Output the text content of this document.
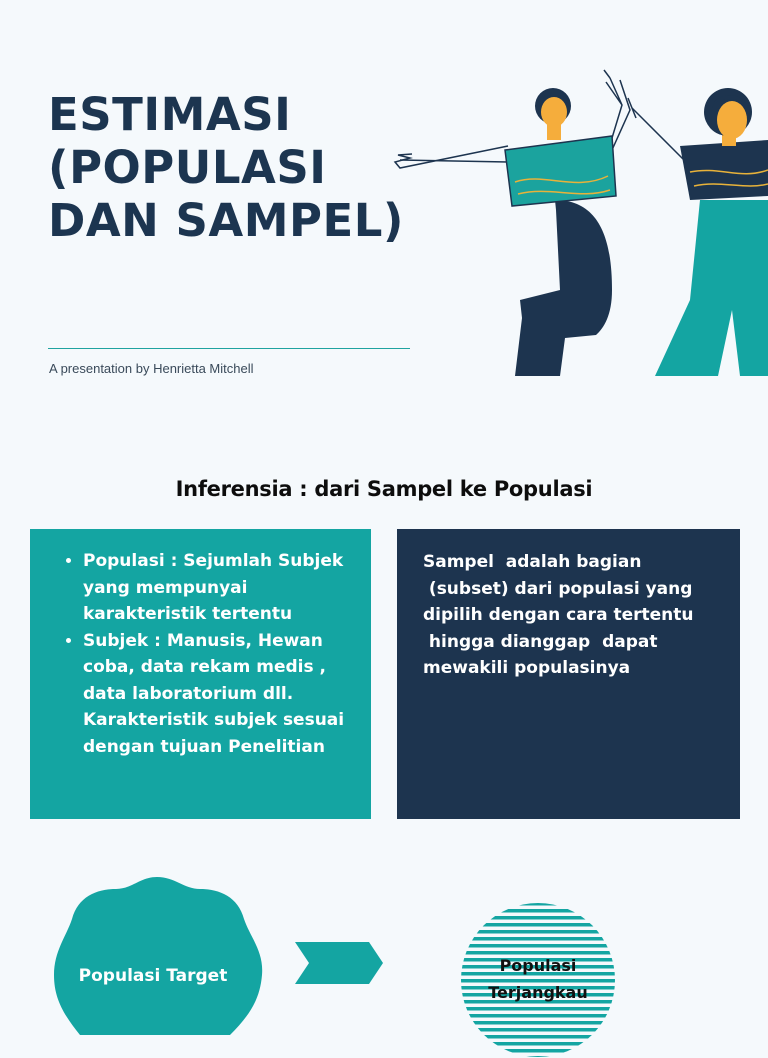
ESTIMASI
(POPULASI
DAN SAMPEL)
A presentation by Henrietta Mitchell
Inferensia : dari Sampel ke Populasi
• Populasi : Sejumlah Subjek yang mempunyai karakteristik tertentu
• Subjek : Manusis, Hewan coba, data rekam medis , data laboratorium dll. Karakteristik subjek sesuai dengan tujuan Penelitian

Sampel  adalah bagian
(subset) dari populasi yang dipilih dengan cara tertentu
hingga dianggap  dapat mewakili populasinya

Populasi Target
Populasi
Terjangkau
